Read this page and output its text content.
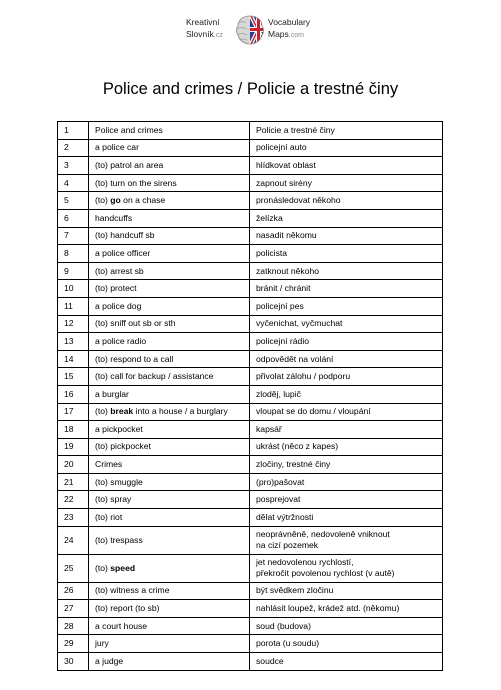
Kreativní
Slovník.cz
Vocabulary
Maps.com
Police and crimes / Policie a trestné činy
1	Police and crimes	Policie a trestné činy

2	a police car	policejní auto

3	(to) patrol an area	hlídkovat oblast

4	(to) turn on the sirens	zapnout sirény

5	(to) go on a chase	pronásledovat někoho

6	handcuffs	želízka

7	(to) handcuff sb	nasadit někomu

8	a police officer	policista

9	(to) arrest sb	zatknout někoho

10	(to) protect	bránit / chránit

11	a police dog	policejní pes

12	(to) sniff out sb or sth	vyčenichat, vyčmuchat

13	a police radio	policejní rádio

14	(to) respond to a call	odpovědět na volání

15	(to) call for backup / assistance	přivolat zálohu / podporu

16	a burglar	zloděj, lupič

17	(to) break into a house / a burglary	vloupat se do domu / vloupání

18	a pickpocket	kapsář

19	(to) pickpocket	ukrást (něco z kapes)

20	Crimes	zločiny, trestné činy

21	(to) smuggle	(pro)pašovat

22	(to) spray	posprejovat

23	(to) riot	dělat výtržnosti

24	(to) trespass	neoprávněně, nedovoleně vniknout
na cizí pozemek

25	(to) speed	jet nedovolenou rychlostí,
překročit povolenou rychlost (v autě)

26	(to) witness a crime	být svědkem zločinu

27	(to) report (to sb)	nahlásit loupež, krádež atd. (někomu)

28	a court house	soud (budova)

29	jury	porota (u soudu)

30	a judge	soudce
